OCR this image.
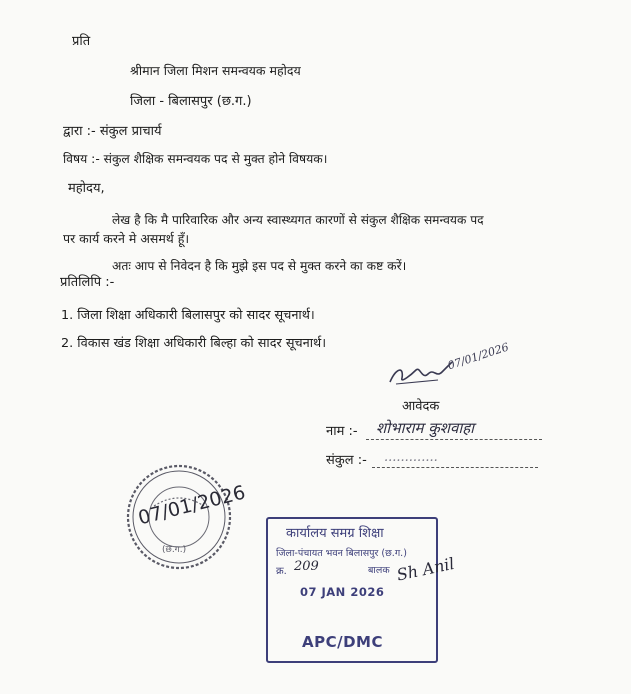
प्रति
श्रीमान जिला मिशन समन्वयक महोदय
जिला - बिलासपुर (छ.ग.)
द्वारा :- संकुल प्राचार्य
विषय :- संकुल शैक्षिक समन्वयक पद से मुक्त होने विषयक।
महोदय,
लेख है कि मै पारिवारिक और अन्य स्वास्थ्यगत कारणों से संकुल शैक्षिक समन्वयक पद
पर कार्य करने मे असमर्थ हूँ।
अतः आप से निवेदन है कि मुझे इस पद से मुक्त करने का कष्ट करें।
प्रतिलिपि :-
1. जिला शिक्षा अधिकारी बिलासपुर को सादर सूचनार्थ।
2. विकास खंड शिक्षा अधिकारी बिल्हा को सादर सूचनार्थ।	07/01/2026
आवेदक
नाम :- शोभाराम कुशवाहा
संकुल :- .............
07/01/2026
(छ.ग.)
कार्यालय समग्र शिक्षा
जिला-पंचायत भवन बिलासपुर (छ.ग.)
क्र. 209	बालक
07 JAN 2026
APC/DMC
Sh Anil
